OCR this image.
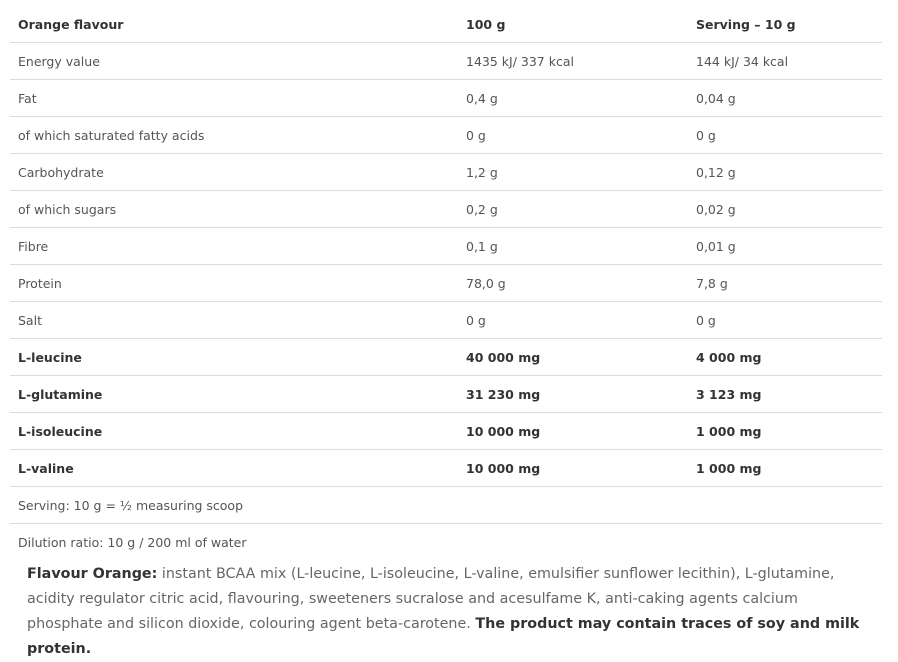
Orange flavour	100 g	Serving – 10 g
Energy value	1435 kJ/ 337 kcal	144 kJ/ 34 kcal
Fat	0,4 g	0,04 g
of which saturated fatty acids	0 g	0 g
Carbohydrate	1,2 g	0,12 g
of which sugars	0,2 g	0,02 g
Fibre	0,1 g	0,01 g
Protein	78,0 g	7,8 g
Salt	0 g	0 g
L-leucine	40 000 mg	4 000 mg
L-glutamine	31 230 mg	3 123 mg
L-isoleucine	10 000 mg	1 000 mg
L-valine	10 000 mg	1 000 mg
Serving: 10 g = ½ measuring scoop		
Dilution ratio: 10 g / 200 ml of water		

Flavour Orange: instant BCAA mix (L-leucine, L-isoleucine, L-valine, emulsifier sunflower lecithin), L-glutamine, acidity regulator citric acid, flavouring, sweeteners sucralose and acesulfame K, anti-caking agents calcium phosphate and silicon dioxide, colouring agent beta-carotene. The product may contain traces of soy and milk protein.
